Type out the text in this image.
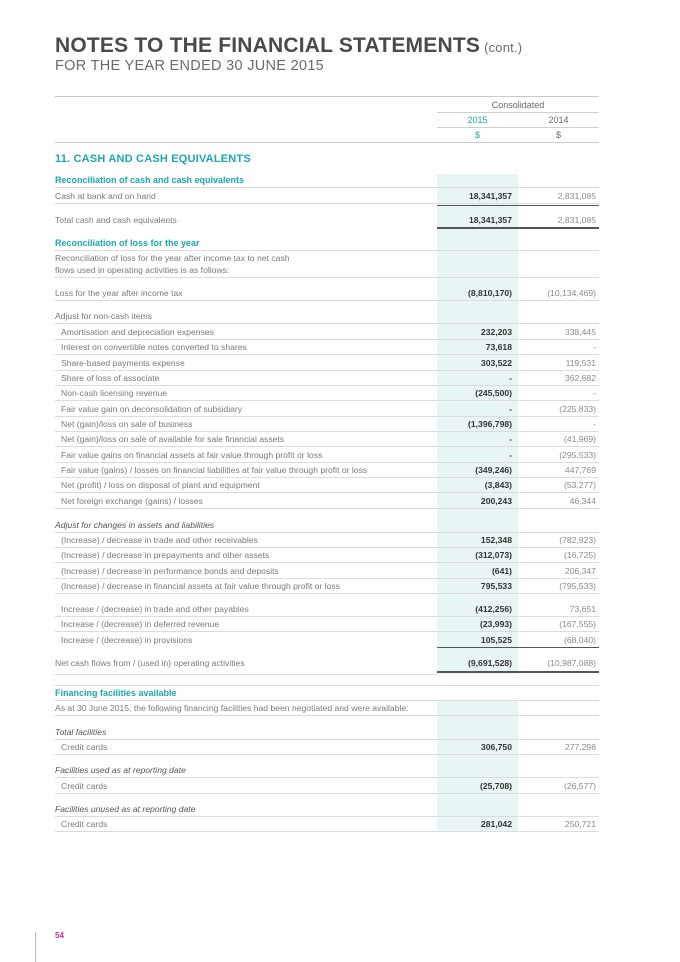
NOTES TO THE FINANCIAL STATEMENTS (cont.)
FOR THE YEAR ENDED 30 JUNE 2015
Consolidated
2015	2014
$	$
11. CASH AND CASH EQUIVALENTS
Reconciliation of cash and cash equivalents
Cash at bank and on hand	18,341,357	2,831,085
Total cash and cash equivalents	18,341,357	2,831,085
Reconciliation of loss for the year
Reconciliation of loss for the year after income tax to net cash flows used in operating activities is as follows:
Loss for the year after income tax	(8,810,170)	(10,134,469)
Adjust for non-cash items
Amortisation and depreciation expenses	232,203	338,445
Interest on convertible notes converted to shares	73,618	-
Share-based payments expense	303,522	119,531
Share of loss of associate	-	362,682
Non-cash licensing revenue	(245,500)	-
Fair value gain on deconsolidation of subsidiary	-	(225,833)
Net (gain)/loss on sale of business	(1,396,798)	-
Net (gain)/loss on sale of available for sale financial assets	-	(41,969)
Fair value gains on financial assets at fair value through profit or loss	-	(295,533)
Fair value (gains) / losses on financial liabilities at fair value through profit or loss	(349,246)	447,769
Net (profit) / loss on disposal of plant and equipment	(3,843)	(53,277)
Net foreign exchange (gains) / losses	200,243	46,344
Adjust for changes in assets and liabilities
(Increase) / decrease in trade and other receivables	152,348	(782,923)
(Increase) / decrease in prepayments and other assets	(312,073)	(16,725)
(Increase) / decrease in performance bonds and deposits	(641)	206,347
(Increase) / decrease in financial assets at fair value through profit or loss	795,533	(795,533)
Increase / (decrease) in trade and other payables	(412,256)	73,651
Increase / (decrease) in deferred revenue	(23,993)	(167,555)
Increase / (decrease) in provisions	105,525	(68,040)
Net cash flows from / (used in) operating activities	(9,691,528)	(10,987,088)
Financing facilities available
As at 30 June 2015, the following financing facilities had been negotiated and were available:
Total facilities
Credit cards	306,750	277,298
Facilities used as at reporting date
Credit cards	(25,708)	(26,577)
Facilities unused as at reporting date
Credit cards	281,042	250,721
54
